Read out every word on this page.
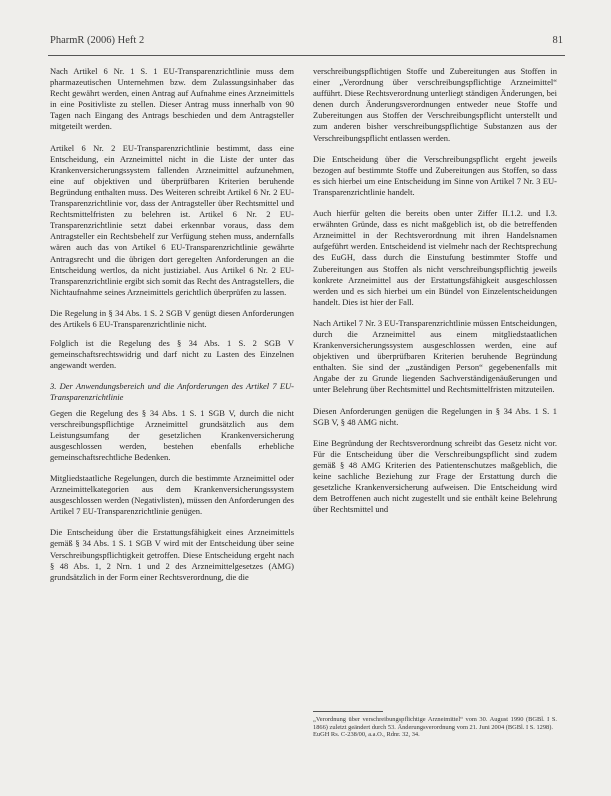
PharmR (2006) Heft 2	81

Nach Artikel 6 Nr. 1 S. 1 EU-Transparenzrichtlinie muss dem pharmazeutischen Unternehmen bzw. dem Zulassungsinhaber das Recht gewährt werden, einen Antrag auf Aufnahme eines Arzneimittels in eine Positivliste zu stellen. Dieser Antrag muss innerhalb von 90 Tagen nach Eingang des Antrags beschieden und dem Antragsteller mitgeteilt werden.

Artikel 6 Nr. 2 EU-Transparenzrichtlinie bestimmt, dass eine Entscheidung, ein Arzneimittel nicht in die Liste der unter das Krankenversicherungssystem fallenden Arzneimittel aufzunehmen, eine auf objektiven und überprüfbaren Kriterien beruhende Begründung enthalten muss. Des Weiteren schreibt Artikel 6 Nr. 2 EU-Transparenzrichtlinie vor, dass der Antragsteller über Rechtsmittel und Rechtsmittelfristen zu belehren ist. Artikel 6 Nr. 2 EU-Transparenzrichtlinie setzt dabei erkennbar voraus, dass dem Antragsteller ein Rechtsbehelf zur Verfügung stehen muss, andernfalls wären auch das von Artikel 6 EU-Transparenzrichtlinie gewährte Antragsrecht und die übrigen dort geregelten Anforderungen an die Entscheidung wertlos, da nicht justiziabel. Aus Artikel 6 Nr. 2 EU-Transparenzrichtlinie ergibt sich somit das Recht des Antragstellers, die Nichtaufnahme seines Arzneimittels gerichtlich überprüfen zu lassen.

Die Regelung in § 34 Abs. 1 S. 2 SGB V genügt diesen Anforderungen des Artikels 6 EU-Transparenzrichtlinie nicht.

Folglich ist die Regelung des § 34 Abs. 1 S. 2 SGB V gemeinschaftsrechtswidrig und darf nicht zu Lasten des Einzelnen angewandt werden.

3. Der Anwendungsbereich und die Anforderungen des Artikel 7 EU-Transparenzrichtlinie

Gegen die Regelung des § 34 Abs. 1 S. 1 SGB V, durch die nicht verschreibungspflichtige Arzneimittel grundsätzlich aus dem Leistungsumfang der gesetzlichen Krankenversicherung ausgeschlossen werden, bestehen ebenfalls erhebliche gemeinschaftsrechtliche Bedenken.

Mitgliedstaatliche Regelungen, durch die bestimmte Arzneimittel oder Arzneimittelkategorien aus dem Krankenversicherungssystem ausgeschlossen werden (Negativlisten), müssen den Anforderungen des Artikel 7 EU-Transparenzrichtlinie genügen.

Die Entscheidung über die Erstattungsfähigkeit eines Arzneimittels gemäß § 34 Abs. 1 S. 1 SGB V wird mit der Entscheidung über seine Verschreibungspflichtigkeit getroffen. Diese Entscheidung ergeht nach § 48 Abs. 1, 2 Nrn. 1 und 2 des Arzneimittelgesetzes (AMG) grundsätzlich in der Form einer Rechtsverordnung, die die

verschreibungspflichtigen Stoffe und Zubereitungen aus Stoffen in einer „Verordnung über verschreibungspflichtige Arzneimittel“ aufführt. Diese Rechtsverordnung unterliegt ständigen Änderungen, bei denen durch Änderungsverordnungen entweder neue Stoffe und Zubereitungen aus Stoffen der Verschreibungspflicht unterstellt und zum anderen bisher verschreibungspflichtige Substanzen aus der Verschreibungspflicht entlassen werden.

Die Entscheidung über die Verschreibungspflicht ergeht jeweils bezogen auf bestimmte Stoffe und Zubereitungen aus Stoffen, so dass es sich hierbei um eine Entscheidung im Sinne von Artikel 7 Nr. 3 EU-Transparenzrichtlinie handelt.

Auch hierfür gelten die bereits oben unter Ziffer II.1.2. und I.3. erwähnten Gründe, dass es nicht maßgeblich ist, ob die betreffenden Arzneimittel in der Rechtsverordnung mit ihren Handelsnamen aufgeführt werden. Entscheidend ist vielmehr nach der Rechtsprechung des EuGH, dass durch die Einstufung bestimmter Stoffe und Zubereitungen aus Stoffen als nicht verschreibungspflichtig jeweils konkrete Arzneimittel aus der Erstattungsfähigkeit ausgeschlossen werden und es sich hierbei um ein Bündel von Einzelentscheidungen handelt. Dies ist hier der Fall.

Nach Artikel 7 Nr. 3 EU-Transparenzrichtlinie müssen Entscheidungen, durch die Arzneimittel aus einem mitgliedstaatlichen Krankenversicherungssystem ausgeschlossen werden, eine auf objektiven und überprüfbaren Kriterien beruhende Begründung enthalten. Sie sind der „zuständigen Person“ gegebenenfalls mit Angabe der zu Grunde liegenden Sachverständigenäußerungen und unter Belehrung über Rechtsmittel und Rechtsmittelfristen mitzuteilen.

Diesen Anforderungen genügen die Regelungen in § 34 Abs. 1 S. 1 SGB V, § 48 AMG nicht.

Eine Begründung der Rechtsverordnung schreibt das Gesetz nicht vor. Für die Entscheidung über die Verschreibungspflicht sind zudem gemäß § 48 AMG Kriterien des Patientenschutzes maßgeblich, die keine sachliche Beziehung zur Frage der Erstattung durch die gesetzliche Krankenversicherung aufweisen. Die Entscheidung wird dem Betroffenen auch nicht zugestellt und sie enthält keine Belehrung über Rechtsmittel und

„Verordnung über verschreibungspflichtige Arzneimittel“ vom 30. August 1990 (BGBl. I S. 1866) zuletzt geändert durch 53. Änderungsverordnung vom 21. Juni 2004 (BGBl. I S. 1298).

EuGH Rs. C-238/00, a.a.O., Rdnr. 32, 34.
